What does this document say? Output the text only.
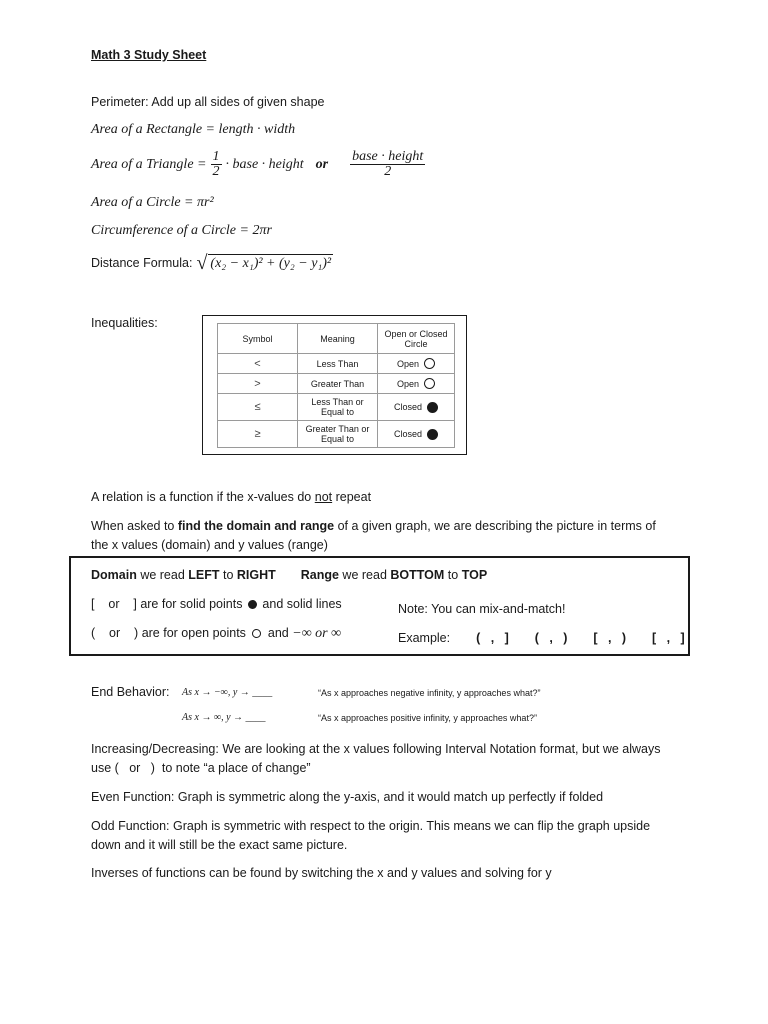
Math 3 Study Sheet
Perimeter: Add up all sides of given shape
Area of a Rectangle = length · width
Area of a Triangle = $\frac{1}{2}$ · base · height or $\frac{\text{base · height}}{2}$
Area of a Circle = πr²
Circumference of a Circle = 2πr
Distance Formula: √ (x₂ − x₁)² + (y₂ − y₁)²
Inequalities:
Symbol	Meaning	Open or Closed Circle
<	Less Than	Open

>	Greater Than	Open

≤	Less Than or Equal to	Closed

≥	Greater Than or Equal to	Closed
A relation is a function if the x-values do not repeat
When asked to find the domain and range of a given graph, we are describing the picture in terms of
the x values (domain) and y values (range)
Domain we read LEFT to RIGHT Range we read BOTTOM to TOP
[    or    ] are for solid points and solid lines
(    or    ) are for open points and −∞ or ∞
Note: You can mix-and-match!
Example: (   ,   ] (   ,   ) [   ,   ) [   ,   ]
End Behavior: As x → −∞, y → ____	“As x approaches negative infinity, y approaches what?”
As x → ∞, y → ____	“As x approaches positive infinity, y approaches what?”
Increasing/Decreasing: We are looking at the x values following Interval Notation format, but we always
use (   or   )  to note “a place of change”
Even Function: Graph is symmetric along the y-axis, and it would match up perfectly if folded
Odd Function: Graph is symmetric with respect to the origin. This means we can flip the graph upside
down and it will still be the exact same picture.
Inverses of functions can be found by switching the x and y values and solving for y
